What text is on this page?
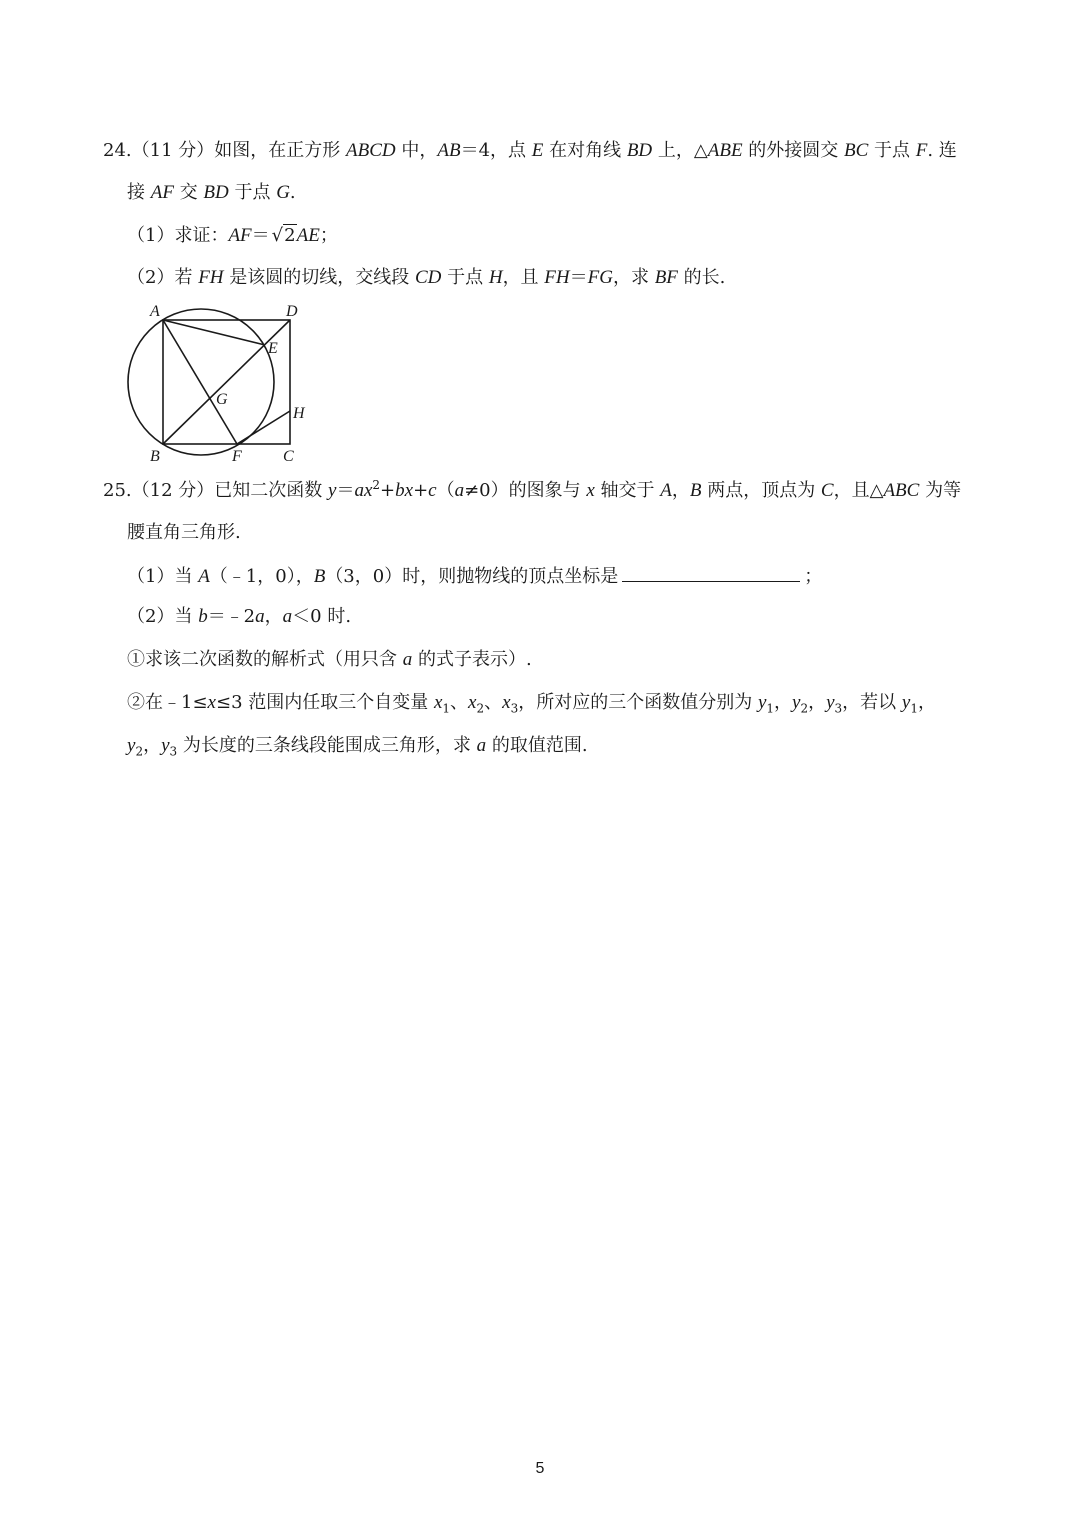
24.（11 分）如图，在正方形 ABCD 中，AB＝4，点 E 在对角线 BD 上，△ABE 的外接圆交 BC 于点 F. 连
接 AF 交 BD 于点 G.
（1）求证：AF＝ √2AE；
（2）若 FH 是该圆的切线，交线段 CD 于点 H，且 FH＝FG，求 BF 的长.
A	D
E
G
H
B	F	C
25.（12 分）已知二次函数 $y=ax^2+bx+c(a\ne 0)$的图象与 x 轴交于 A，B 两点，顶点为 C，且△ABC 为等
腰直角三角形.
（1）当 A（﹣1，0），B（3，0）时，则抛物线的顶点坐标是	；
（2）当 b＝﹣2a，a＜0 时.
①求该二次函数的解析式（用只含 a 的式子表示）.
②在﹣1≤x≤3 范围内任取三个自变量 $x_1$、$x_2$、$x_3$，所对应的三个函数值分别为 $y_1$，$y_2$，$y_3$，若以 $y_1$，
$y_2$，$y_3$ 为长度的三条线段能围成三角形，求 a 的取值范围.
5
